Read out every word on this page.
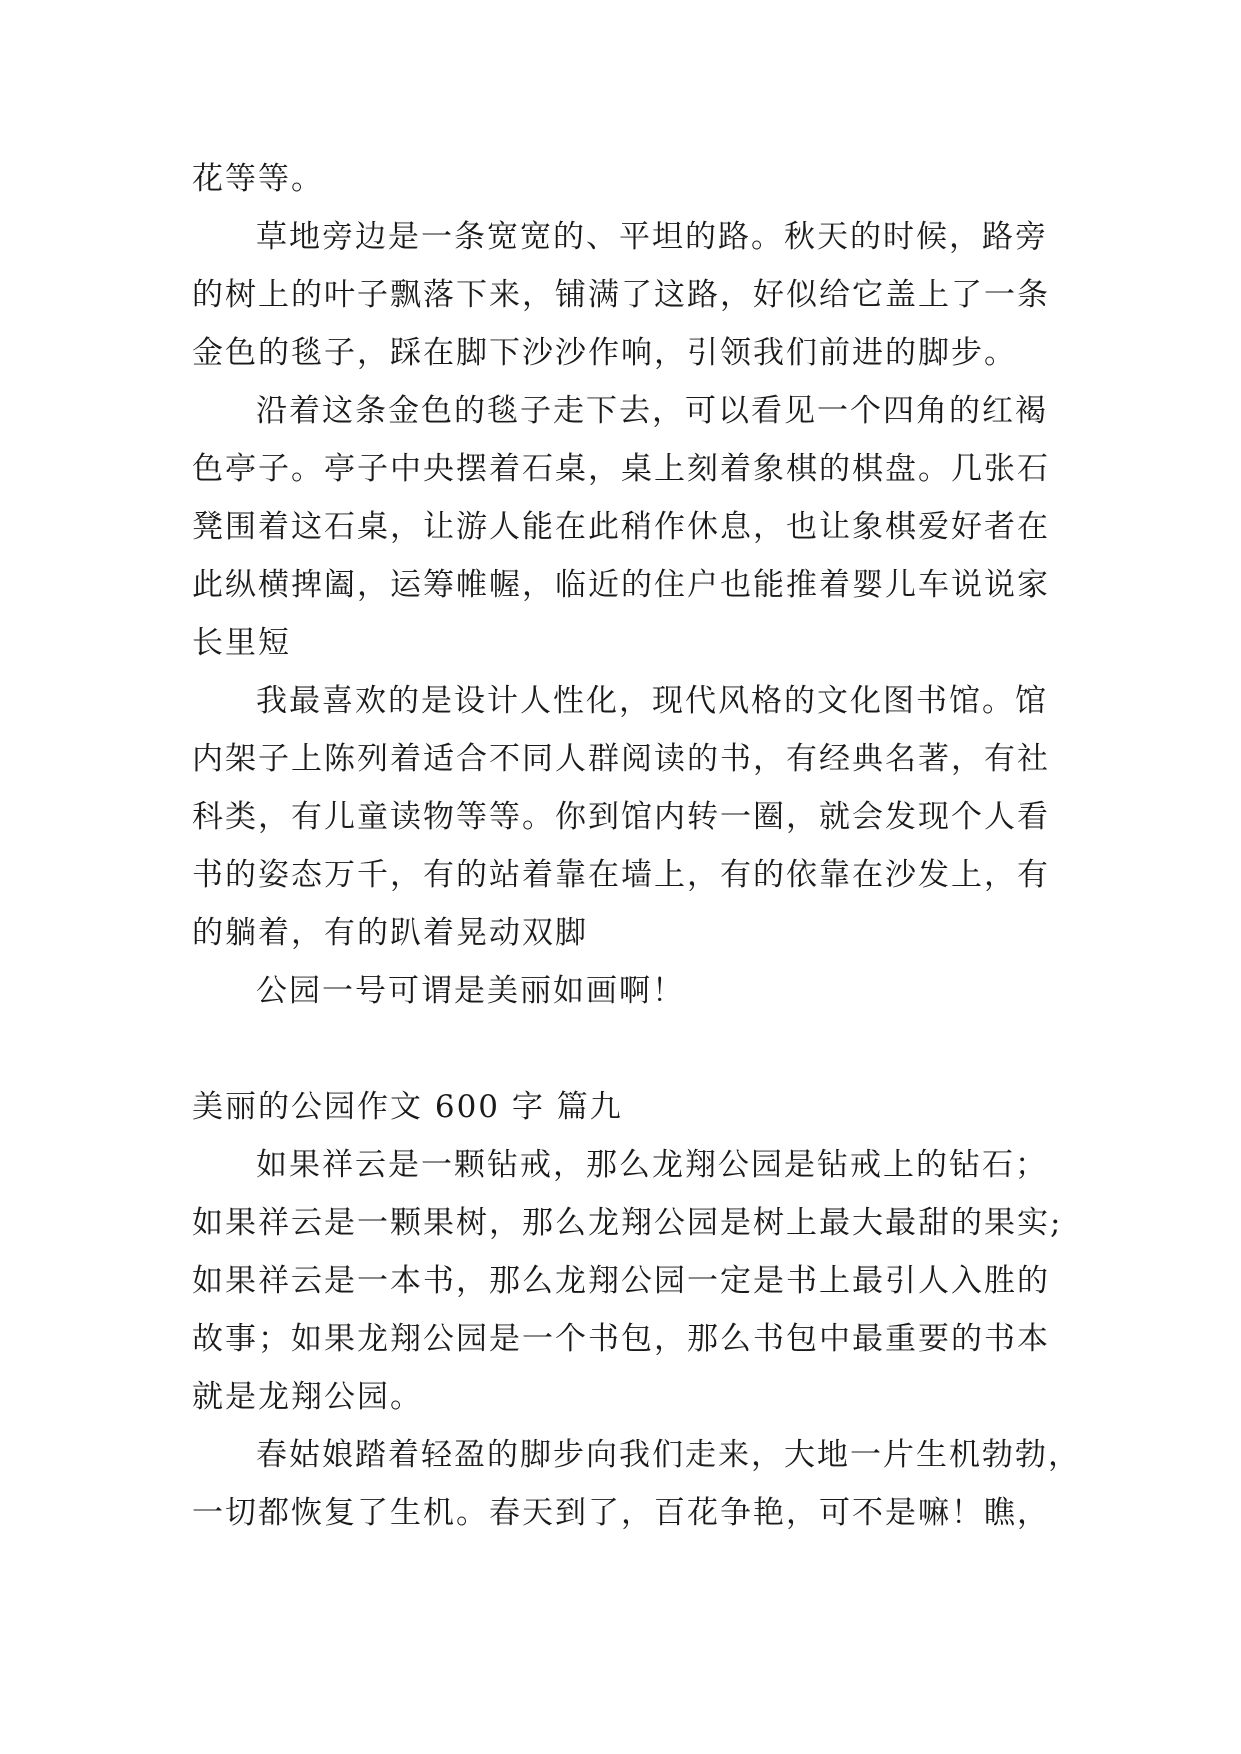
花等等。
草地旁边是一条宽宽的、平坦的路。秋天的时候，路旁
的树上的叶子飘落下来，铺满了这路，好似给它盖上了一条
金色的毯子，踩在脚下沙沙作响，引领我们前进的脚步。
沿着这条金色的毯子走下去，可以看见一个四角的红褐
色亭子。亭子中央摆着石桌，桌上刻着象棋的棋盘。几张石
凳围着这石桌，让游人能在此稍作休息，也让象棋爱好者在
此纵横捭阖，运筹帷幄，临近的住户也能推着婴儿车说说家
长里短
我最喜欢的是设计人性化，现代风格的文化图书馆。馆
内架子上陈列着适合不同人群阅读的书，有经典名著，有社
科类，有儿童读物等等。你到馆内转一圈，就会发现个人看
书的姿态万千，有的站着靠在墙上，有的依靠在沙发上，有
的躺着，有的趴着晃动双脚
公园一号可谓是美丽如画啊！
美丽的公园作文 600 字 篇九
如果祥云是一颗钻戒，那么龙翔公园是钻戒上的钻石；
如果祥云是一颗果树，那么龙翔公园是树上最大最甜的果实;
如果祥云是一本书，那么龙翔公园一定是书上最引人入胜的
故事；如果龙翔公园是一个书包，那么书包中最重要的书本
就是龙翔公园。
春姑娘踏着轻盈的脚步向我们走来，大地一片生机勃勃，
一切都恢复了生机。春天到了，百花争艳，可不是嘛！瞧，
